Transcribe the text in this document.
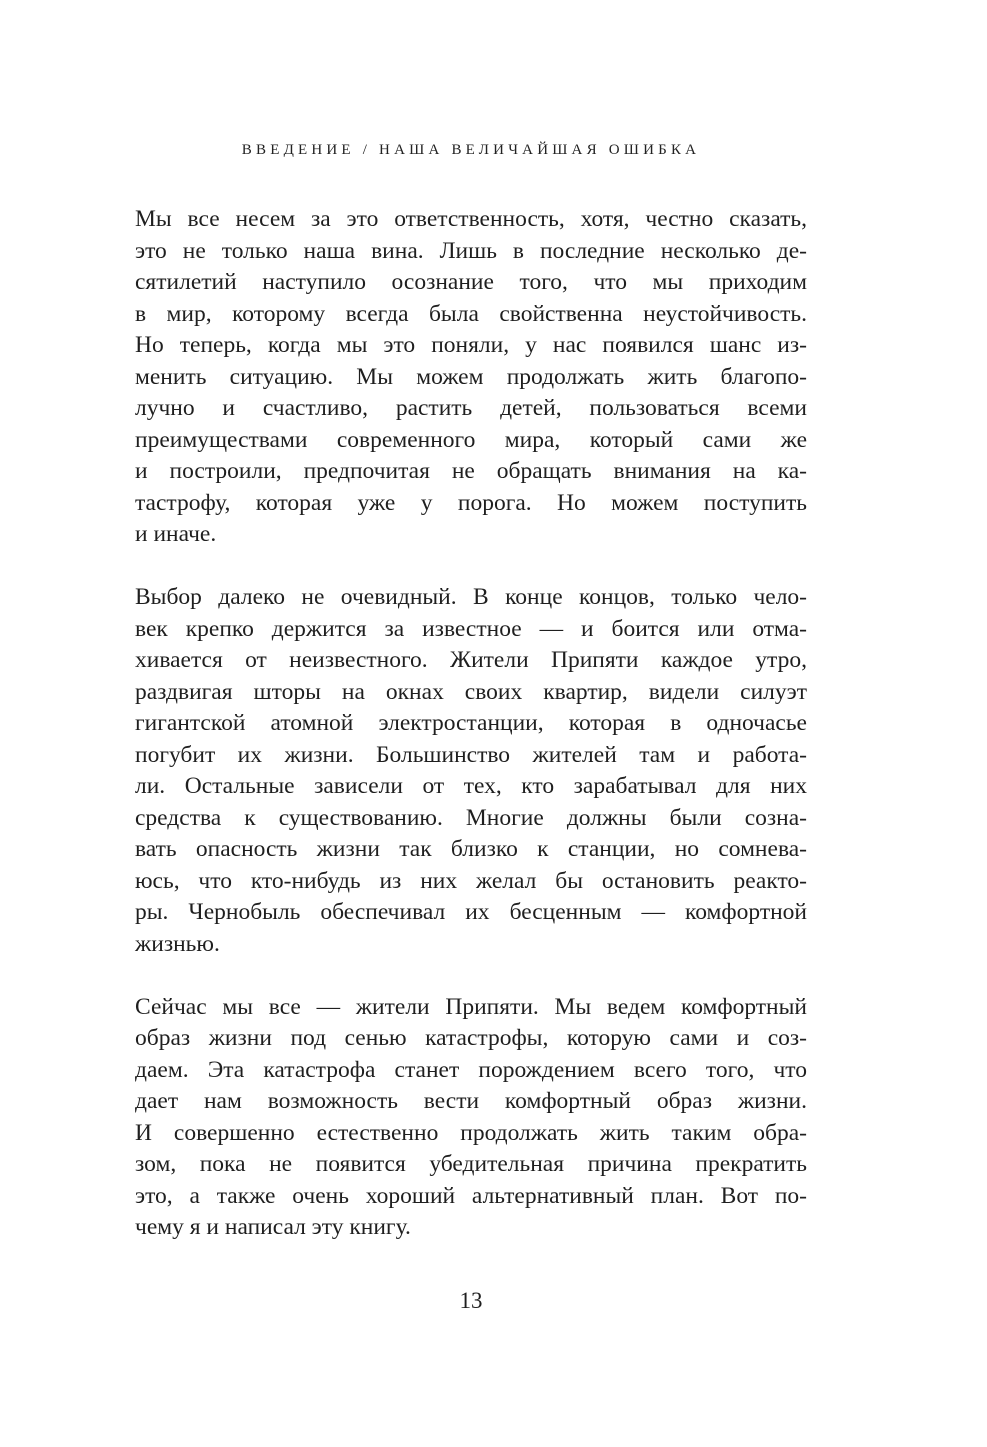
ВВЕДЕНИЕ / НАША ВЕЛИЧАЙШАЯ ОШИБКА

Мы все несем за это ответственность, хотя, честно сказать,
это не только наша вина. Лишь в последние несколько де-
сятилетий наступило осознание того, что мы приходим
в мир, которому всегда была свойственна неустойчивость.
Но теперь, когда мы это поняли, у нас появился шанс из-
менить ситуацию. Мы можем продолжать жить благопо-
лучно и счастливо, растить детей, пользоваться всеми
преимуществами современного мира, который сами же
и построили, предпочитая не обращать внимания на ка-
тастрофу, которая уже у порога. Но можем поступить
и иначе.

Выбор далеко не очевидный. В конце концов, только чело-
век крепко держится за известное — и боится или отма-
хивается от неизвестного. Жители Припяти каждое утро,
раздвигая шторы на окнах своих квартир, видели силуэт
гигантской атомной электростанции, которая в одночасье
погубит их жизни. Большинство жителей там и работа-
ли. Остальные зависели от тех, кто зарабатывал для них
средства к существованию. Многие должны были созна-
вать опасность жизни так близко к станции, но сомнева-
юсь, что кто-нибудь из них желал бы остановить реакто-
ры. Чернобыль обеспечивал их бесценным — комфортной
жизнью.

Сейчас мы все — жители Припяти. Мы ведем комфортный
образ жизни под сенью катастрофы, которую сами и соз-
даем. Эта катастрофа станет порождением всего того, что
дает нам возможность вести комфортный образ жизни.
И совершенно естественно продолжать жить таким обра-
зом, пока не появится убедительная причина прекратить
это, а также очень хороший альтернативный план. Вот по-
чему я и написал эту книгу.

13
